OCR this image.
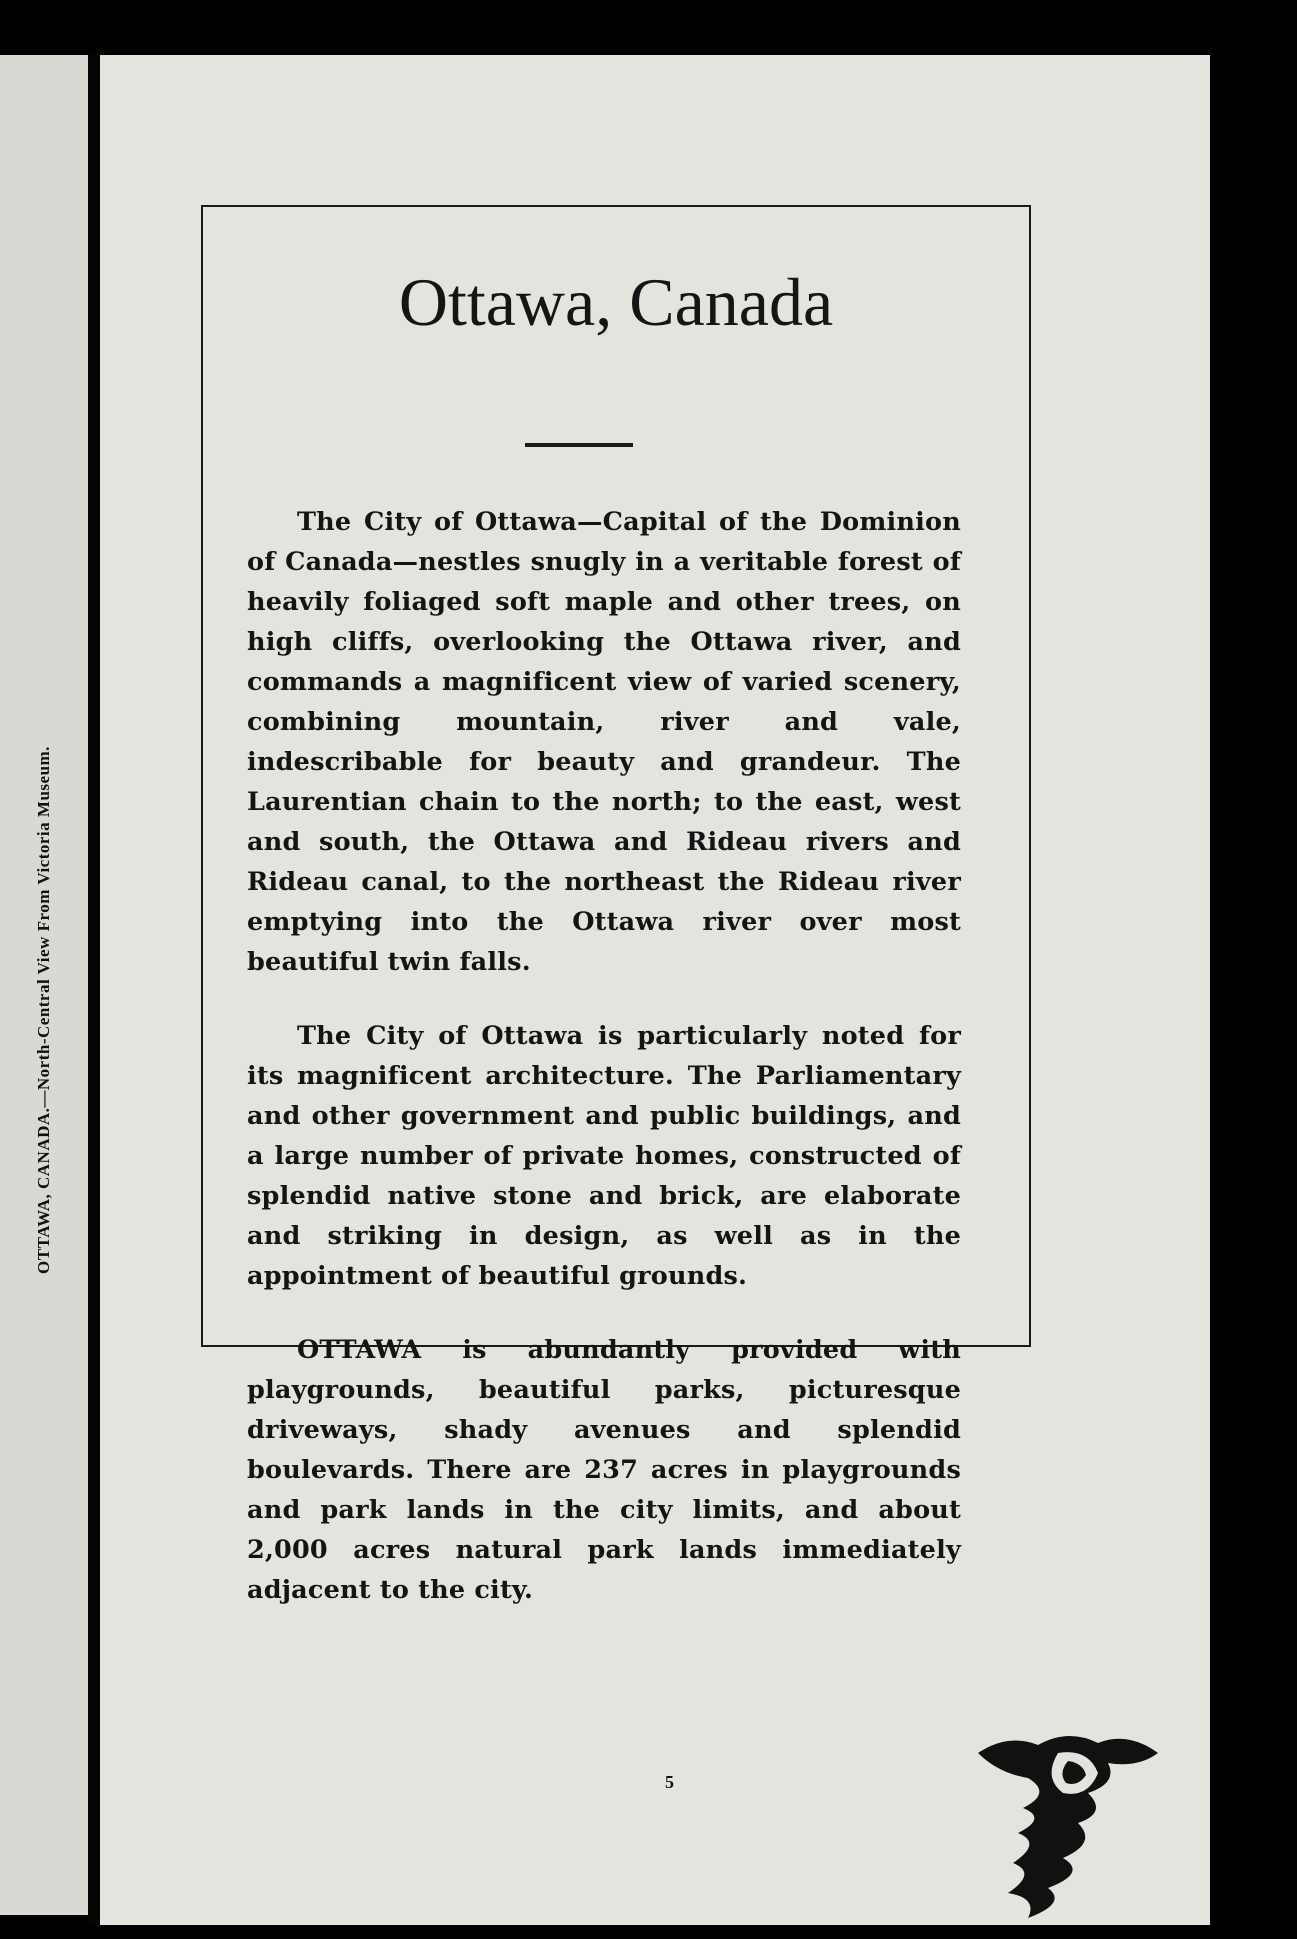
OTTAWA, CANADA.—North-Central View From Victoria Museum.
Ottawa, Canada

The City of Ottawa—Capital of the Dominion of Canada—nestles snugly in a veritable forest of heavily foliaged soft maple and other trees, on high cliffs, overlooking the Ottawa river, and commands a magnificent view of varied scenery, combining mountain, river and vale, indescribable for beauty and grandeur. The Laurentian chain to the north; to the east, west and south, the Ottawa and Rideau rivers and Rideau canal, to the northeast the Rideau river emptying into the Ottawa river over most beautiful twin falls.

The City of Ottawa is particularly noted for its magnificent architecture. The Parliamentary and other government and public buildings, and a large number of private homes, constructed of splendid native stone and brick, are elaborate and striking in design, as well as in the appointment of beautiful grounds.

OTTAWA is abundantly provided with playgrounds, beautiful parks, picturesque driveways, shady avenues and splendid boulevards. There are 237 acres in playgrounds and park lands in the city limits, and about 2,000 acres natural park lands immediately adjacent to the city.

5
